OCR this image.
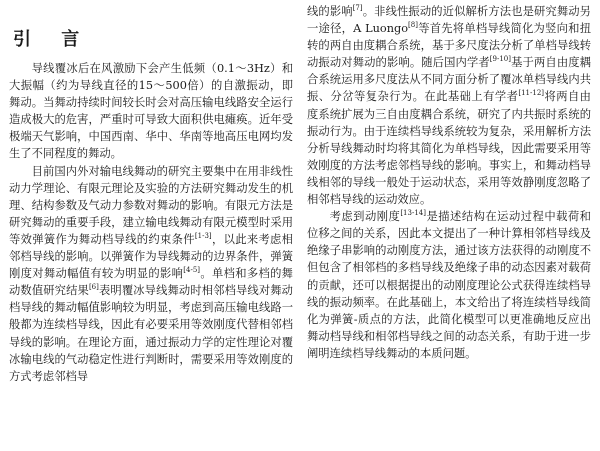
引 言

导线覆冰后在风激励下会产生低频（0.1～3Hz）和大振幅（约为导线直径的15～500倍）的自激振动，即舞动。当舞动持续时间较长时会对高压输电线路安全运行造成极大的危害，严重时可导致大面积供电瘫痪。近年受极端天气影响，中国西南、华中、华南等地高压电网均发生了不同程度的舞动。

目前国内外对输电线舞动的研究主要集中在用非线性动力学理论、有限元理论及实验的方法研究舞动发生的机理、结构参数及气动力参数对舞动的影响。有限元方法是研究舞动的重要手段，建立输电线舞动有限元模型时采用等效弹簧作为舞动档导线的约束条件[1-3]，以此来考虑相邻档导线的影响。以弹簧作为导线舞动的边界条件，弹簧刚度对舞动幅值有较为明显的影响[4-5]。单档和多档的舞动数值研究结果[6]表明覆冰导线舞动时相邻档导线对舞动档导线的舞动幅值影响较为明显，考虑到高压输电线路一般都为连续档导线，因此有必要采用等效刚度代替相邻档导线的影响。在理论方面，通过振动力学的定性理论对覆冰输电线的气动稳定性进行判断时，需要采用等效刚度的方式考虑邻档导

线的影响[7]。非线性振动的近似解析方法也是研究舞动另一途径，A Luongo[8]等首先将单档导线简化为竖向和扭转的两自由度耦合系统，基于多尺度法分析了单档导线转动振动对舞动的影响。随后国内学者[9-10]基于两自由度耦合系统运用多尺度法从不同方面分析了覆冰单档导线内共振、分岔等复杂行为。在此基础上有学者[11-12]将两自由度系统扩展为三自由度耦合系统，研究了内共振时系统的振动行为。由于连续档导线系统较为复杂，采用解析方法分析导线舞动时均将其简化为单档导线，因此需要采用等效刚度的方法考虑邻档导线的影响。事实上，和舞动档导线相邻的导线一般处于运动状态，采用等效静刚度忽略了相邻档导线的运动效应。

考虑到动刚度[13-14]是描述结构在运动过程中载荷和位移之间的关系，因此本文提出了一种计算相邻档导线及绝缘子串影响的动刚度方法，通过该方法获得的动刚度不但包含了相邻档的多档导线及绝缘子串的动态因素对载荷的贡献，还可以根据提出的动刚度理论公式获得连续档导线的振动频率。在此基础上，本文给出了将连续档导线简化为弹簧-质点的方法，此简化模型可以更准确地反应出舞动档导线和相邻档导线之间的动态关系，有助于进一步阐明连续档导线舞动的本质问题。
